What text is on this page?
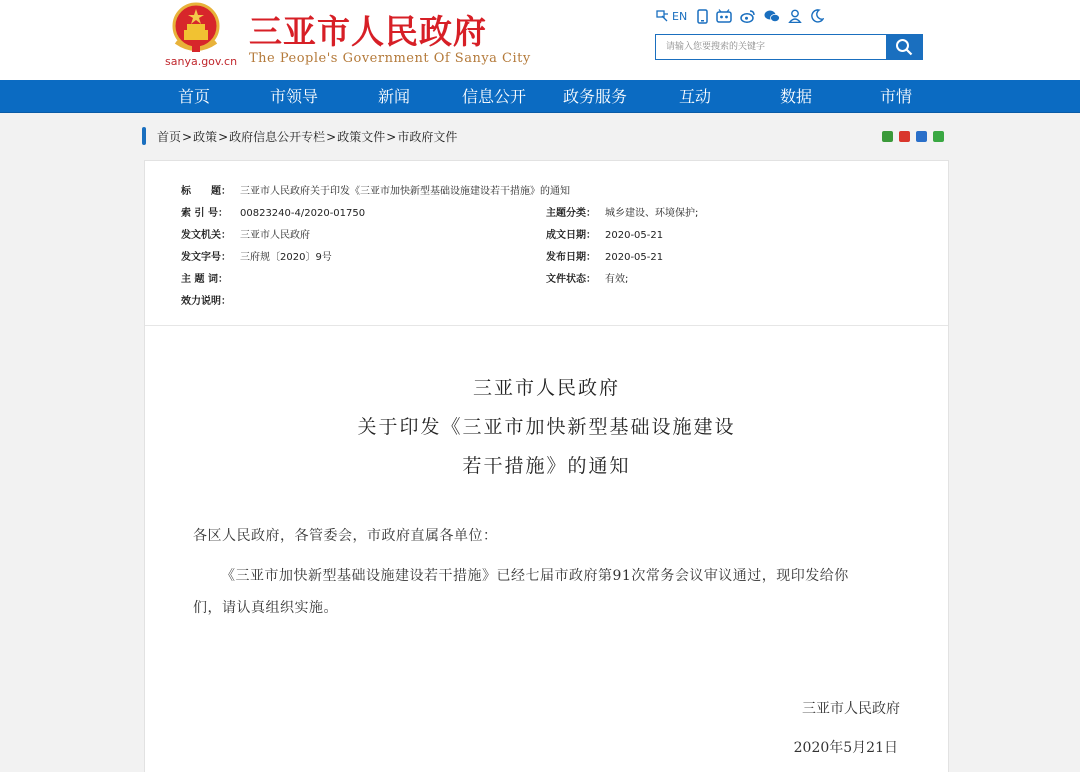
sanya.gov.cn
三亚市人民政府
The People's Government Of Sanya City
EN
请输入您要搜索的关键字
首页	市领导	新闻	信息公开 政务服务	互动	数据	市情
首页>政策>政府信息公开专栏>政策文件>市政府文件
标　　题： 三亚市人民政府关于印发《三亚市加快新型基础设施建设若干措施》的通知
索 引 号： 00823240-4/2020-01750	主题分类： 城乡建设、环境保护;
发文机关： 三亚市人民政府	成文日期： 2020-05-21
发文字号： 三府规〔2020〕9号	发布日期： 2020-05-21
主 题 词：	文件状态： 有效;
效力说明：
三亚市人民政府
关于印发《三亚市加快新型基础设施建设
若干措施》的通知
各区人民政府，各管委会，市政府直属各单位：
《三亚市加快新型基础设施建设若干措施》已经七届市政府第91次常务会议审议通过，现印发给你
们，请认真组织实施。
三亚市人民政府
2020年5月21日
